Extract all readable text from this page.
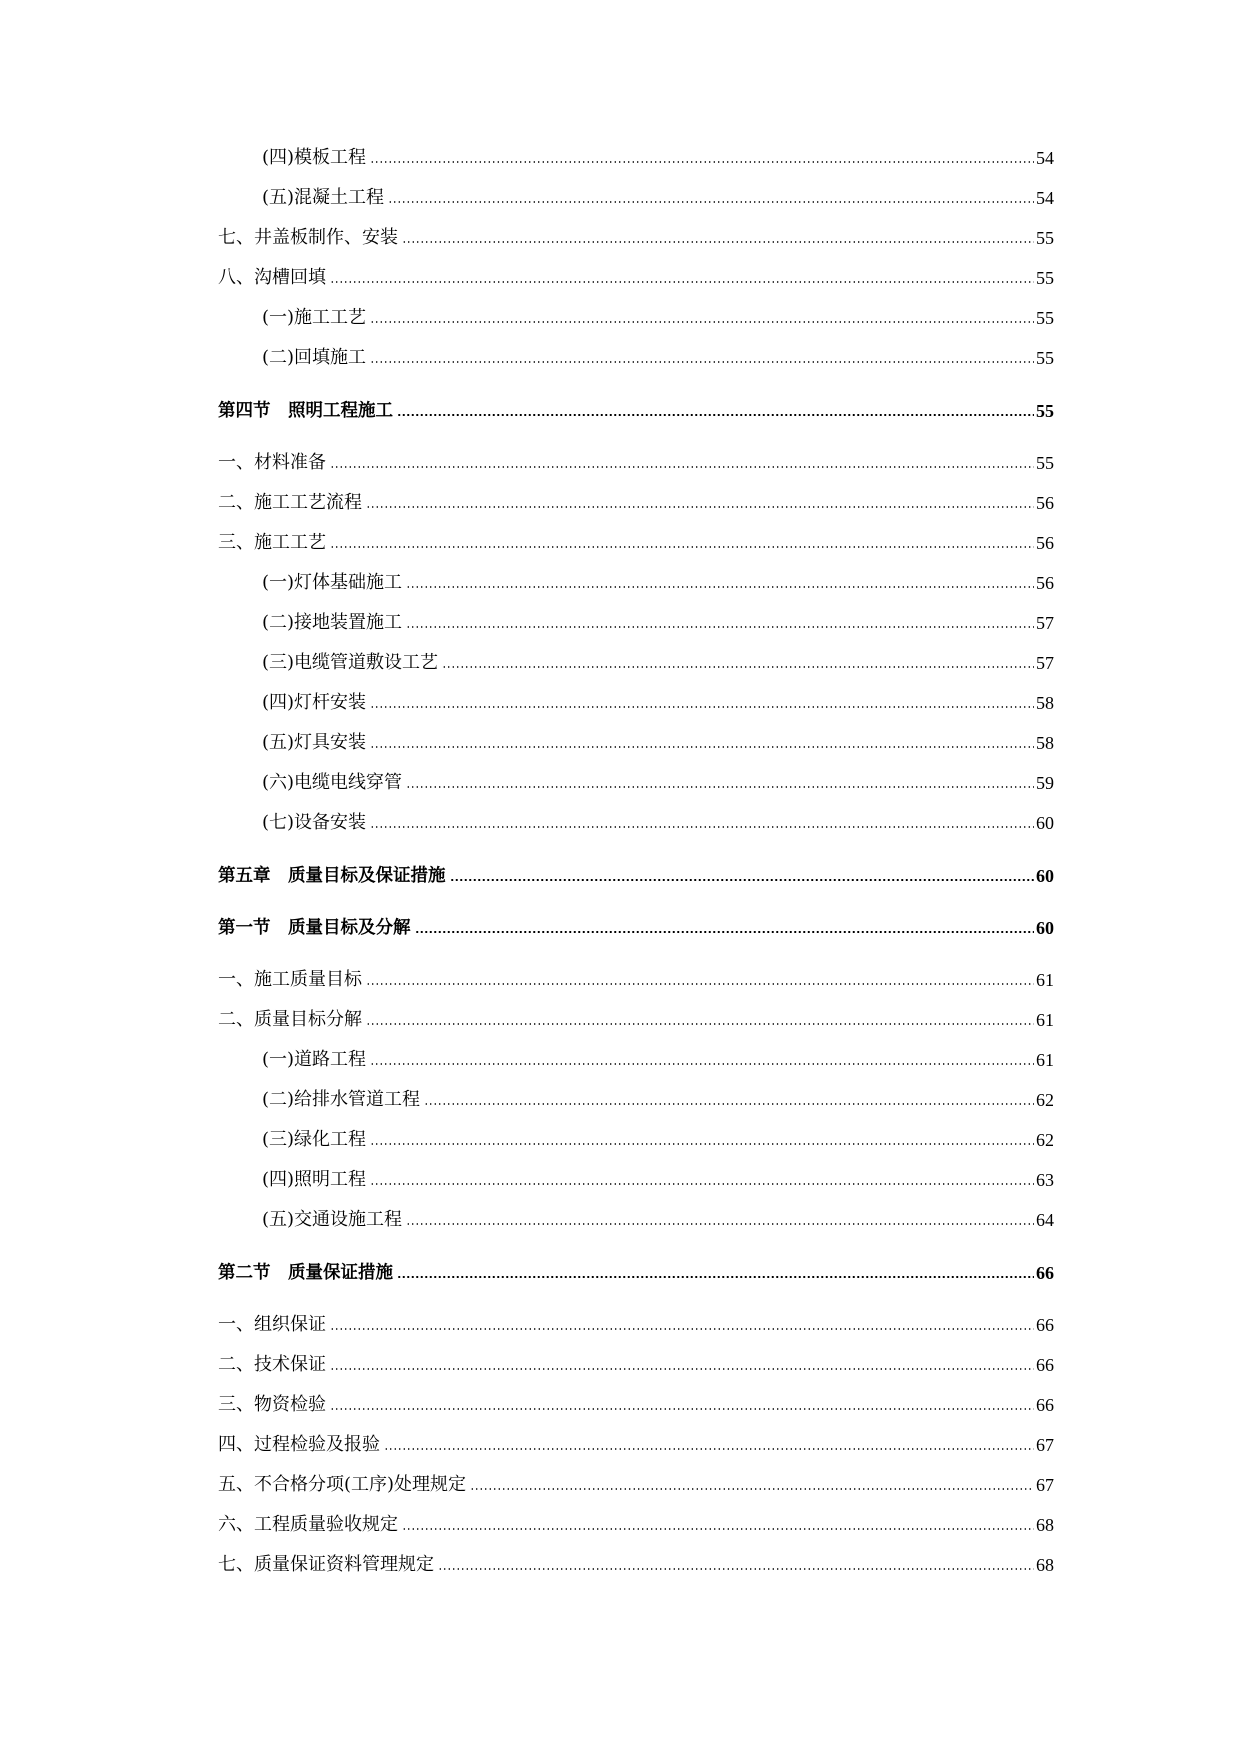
(四)模板工程	54
(五)混凝土工程	54
七、井盖板制作、安装	55
八、沟槽回填	55
(一)施工工艺	55
(二)回填施工	55
第四节　照明工程施工	55
一、材料准备	55
二、施工工艺流程	56
三、施工工艺	56
(一)灯体基础施工	56
(二)接地装置施工	57
(三)电缆管道敷设工艺	57
(四)灯杆安装	58
(五)灯具安装	58
(六)电缆电线穿管	59
(七)设备安装	60
第五章　质量目标及保证措施	60
第一节　质量目标及分解	60
一、施工质量目标	61
二、质量目标分解	61
(一)道路工程	61
(二)给排水管道工程	62
(三)绿化工程	62
(四)照明工程	63
(五)交通设施工程	64
第二节　质量保证措施	66
一、组织保证	66
二、技术保证	66
三、物资检验	66
四、过程检验及报验	67
五、不合格分项(工序)处理规定	67
六、工程质量验收规定	68
七、质量保证资料管理规定	68
